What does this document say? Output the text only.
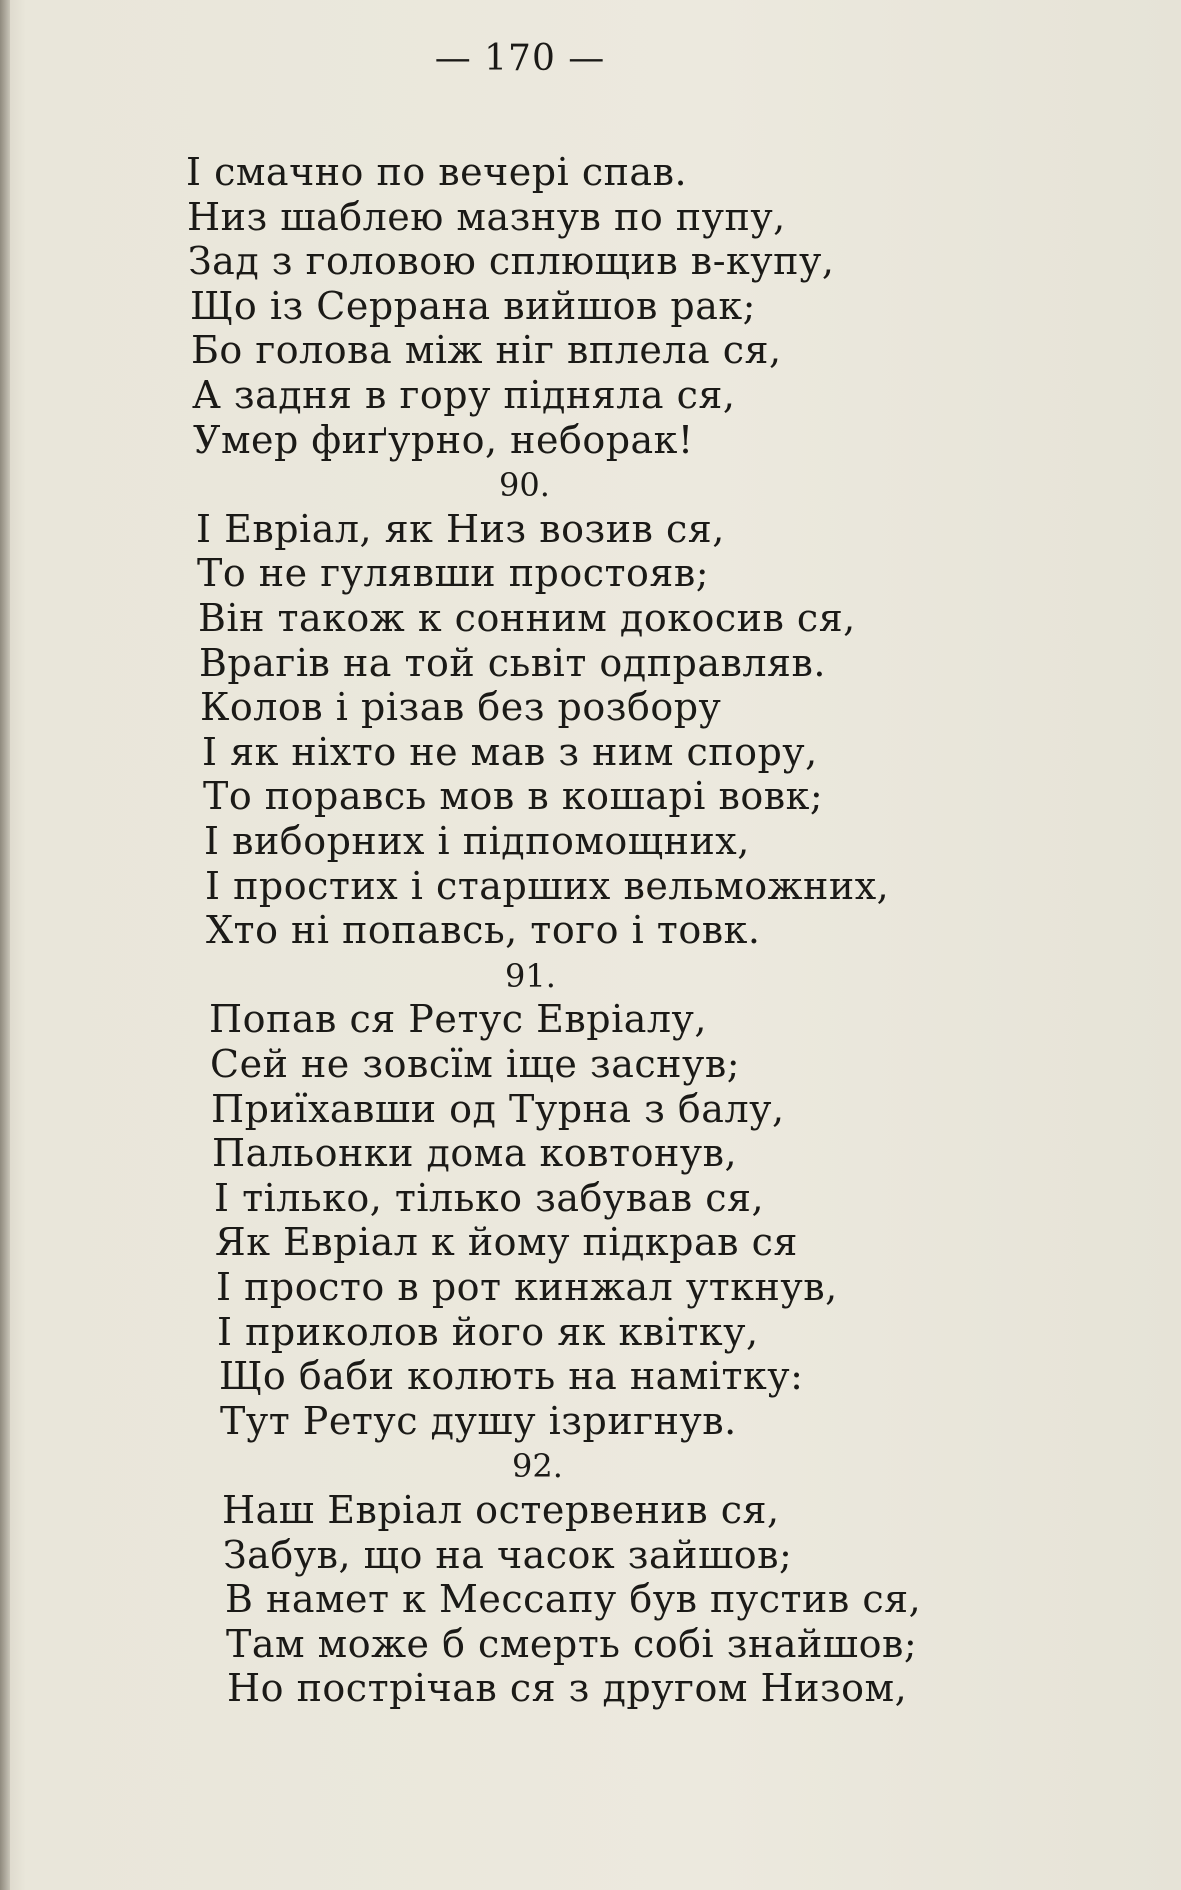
— 170 —
І смачно по вечері спав.
Низ шаблею мазнув по пупу,
Зад з головою сплющив в-купу,
Що із Серрана вийшов рак;
Бо голова між ніг вплела ся,
А задня в гору підняла ся,
Умер фиґурно, неборак!
90.
І Евріал, як Низ возив ся,
То не гулявши простояв;
Він також к сонним докосив ся,
Врагів на той сьвіт одправляв.
Колов і різав без розбору
І як ніхто не мав з ним спору,
То поравсь мов в кошарі вовк;
І виборних і підпомощних,
І простих і старших вельможних,
Хто ні попавсь, того і товк.
91.
Попав ся Ретус Евріалу,
Сей не зовсїм іще заснув;
Приїхавши од Турна з балу,
Пальонки дома ковтонув,
І тілько, тілько забував ся,
Як Евріал к йому підкрав ся
І просто в рот кинжал уткнув,
І приколов його як квітку,
Що баби колють на намітку:
Тут Ретус душу ізригнув.
92.
Наш Евріал остервенив ся,
Забув, що на часок зайшов;
В намет к Мессапу був пустив ся,
Там може б смерть собі знайшов;
Но пострічав ся з другом Низом,
